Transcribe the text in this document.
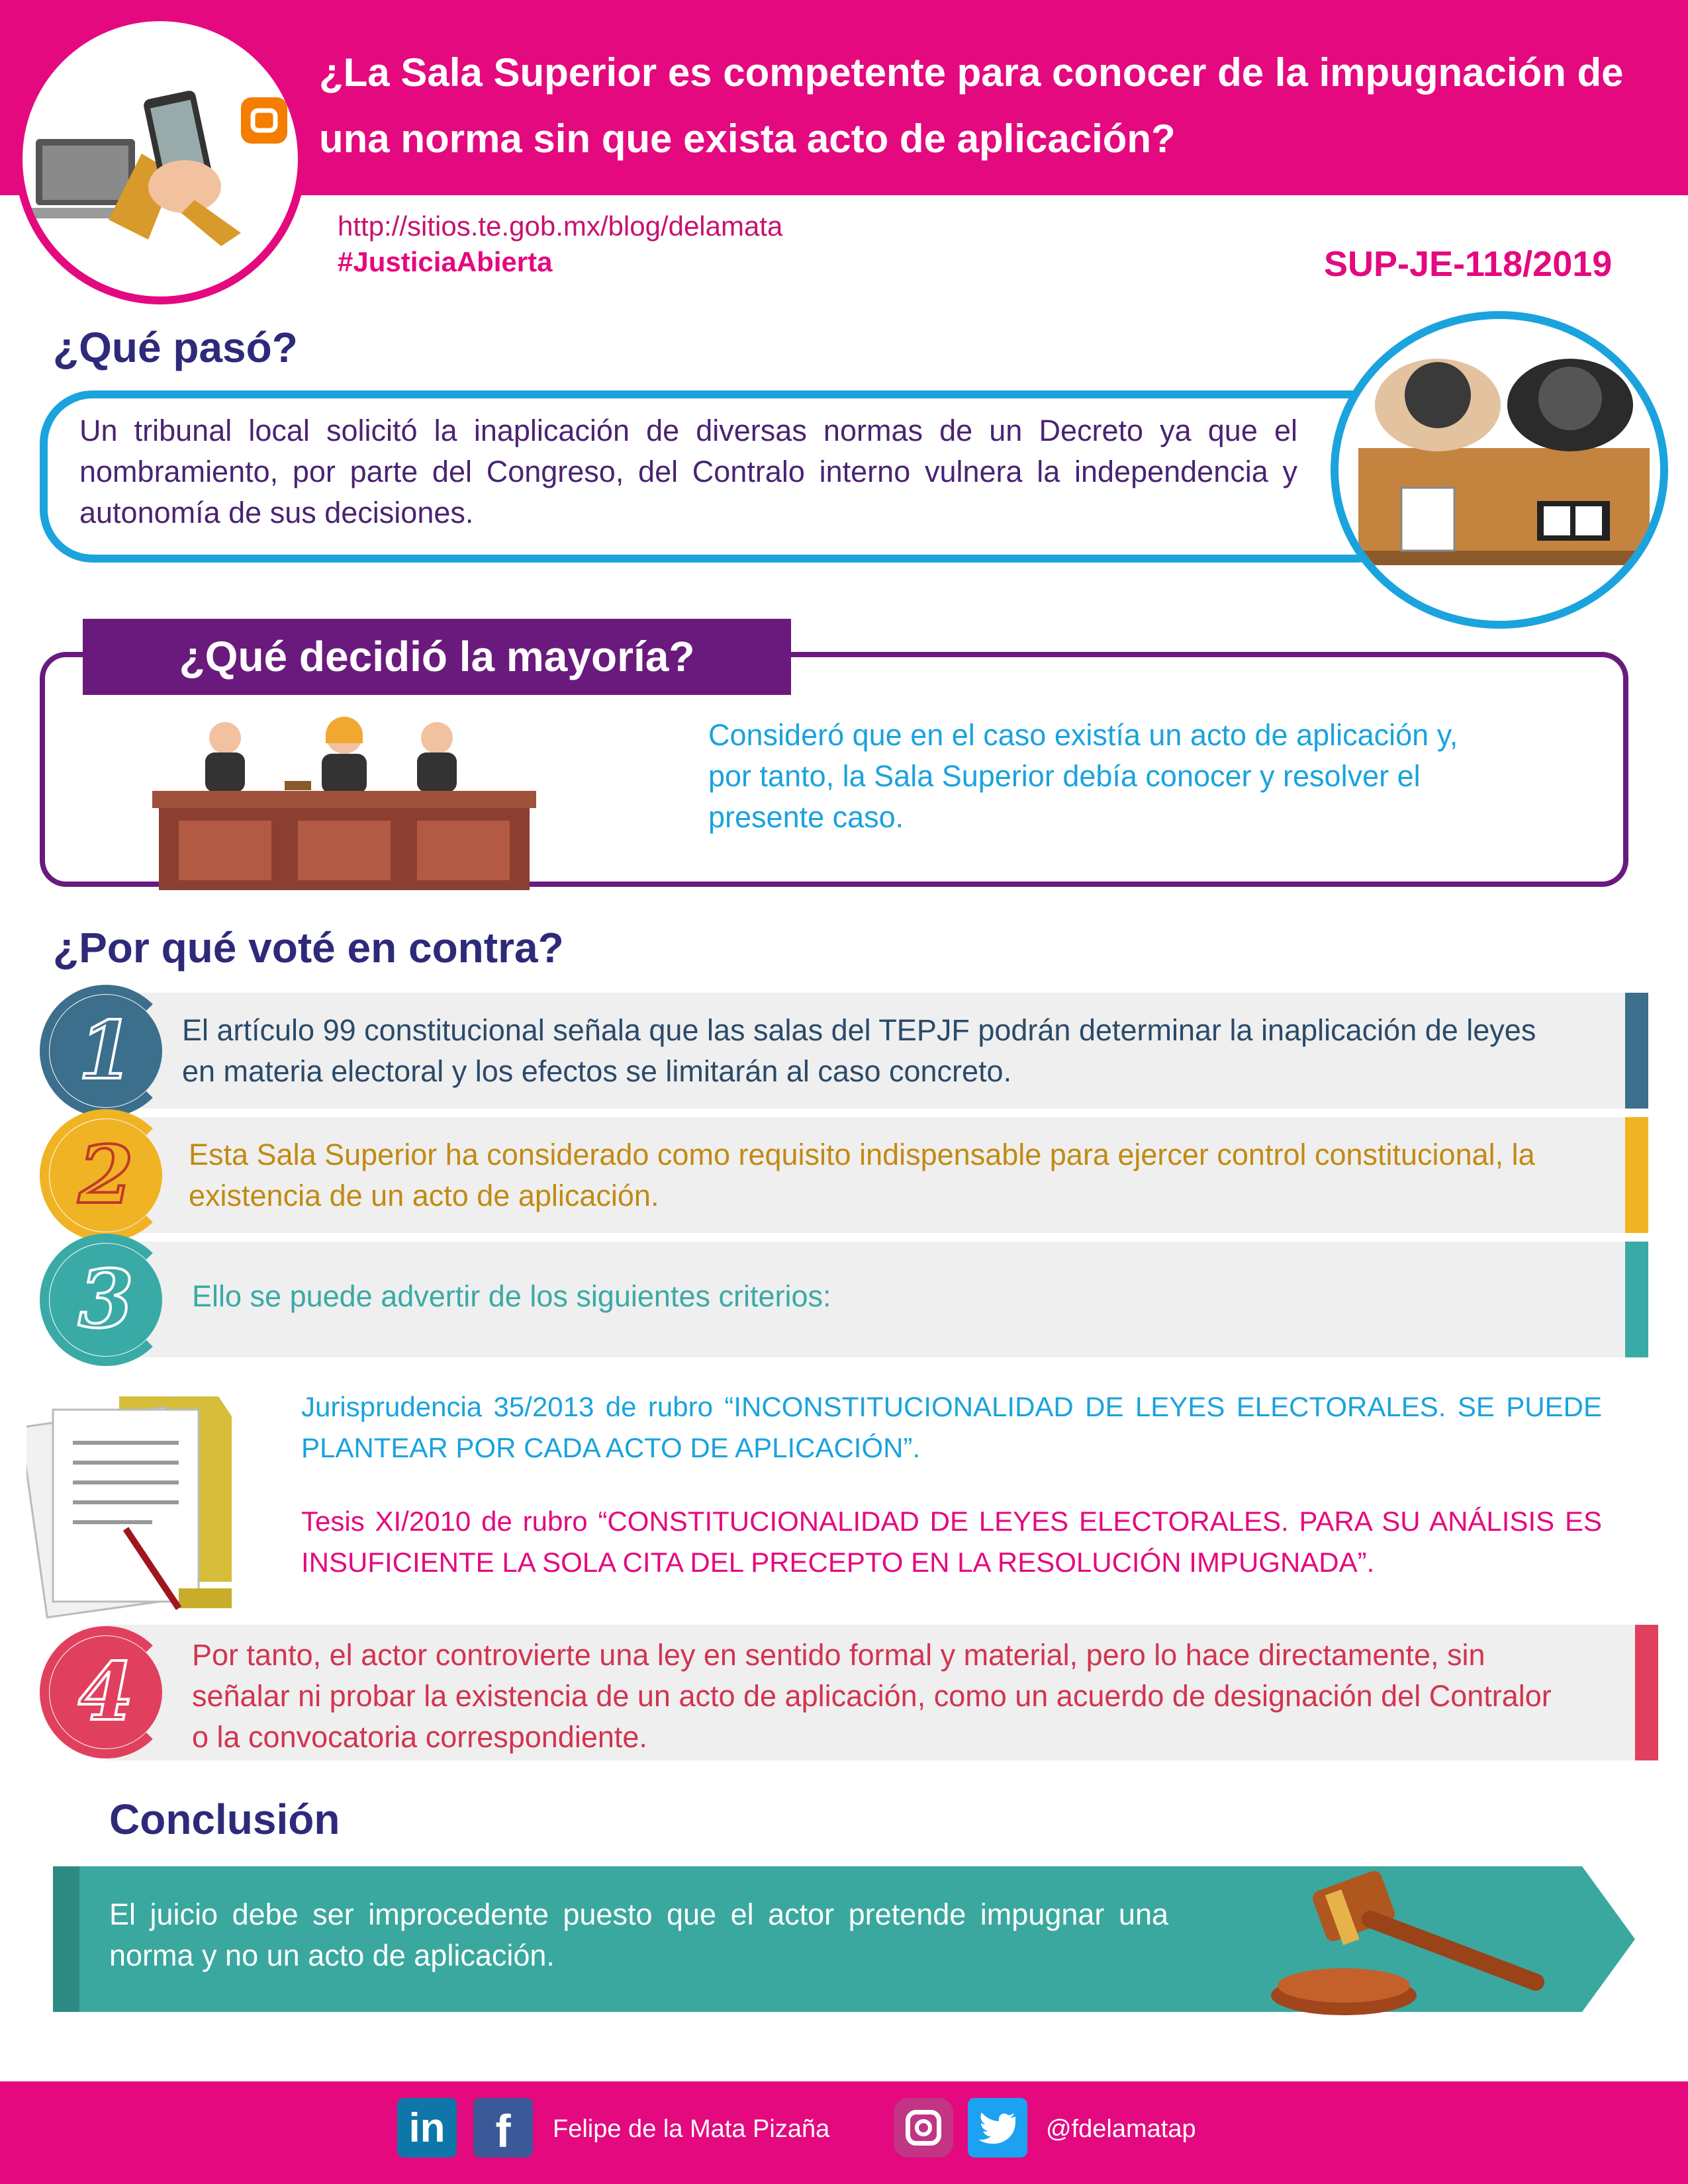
¿La Sala Superior es competente para conocer de la impugnación de una norma sin que exista acto de aplicación?
http://sitios.te.gob.mx/blog/delamata
#JusticiaAbierta	SUP-JE-118/2019
¿Qué pasó?
Un tribunal local solicitó la inaplicación de diversas normas de un Decreto ya que el nombramiento, por parte del Congreso, del Contralo interno vulnera la independencia y autonomía de sus decisiones.
¿Qué decidió la mayoría?
Consideró que en el caso existía un acto de aplicación y, por tanto, la Sala Superior debía conocer y resolver el presente caso.
¿Por qué voté en contra?
1	El artículo 99 constitucional señala que las salas del TEPJF podrán determinar la inaplicación de leyes en materia electoral y los efectos se limitarán al caso concreto.
2	Esta Sala Superior ha considerado como requisito indispensable para ejercer control constitucional, la existencia de un acto de aplicación.
3	Ello se puede advertir de los siguientes criterios:
Jurisprudencia 35/2013 de rubro “INCONSTITUCIONALIDAD DE LEYES ELECTORALES. SE PUEDE PLANTEAR POR CADA ACTO DE APLICACIÓN”.
Tesis XI/2010 de rubro “CONSTITUCIONALIDAD DE LEYES ELECTORALES. PARA SU ANÁLISIS ES INSUFICIENTE LA SOLA CITA DEL PRECEPTO EN LA RESOLUCIÓN IMPUGNADA”.
4	Por tanto, el actor controvierte una ley en sentido formal y material, pero lo hace directamente, sin señalar ni probar la existencia de un acto de aplicación, como un acuerdo de designación del Contralor o la convocatoria correspondiente.
Conclusión
El juicio debe ser improcedente puesto que el actor pretende impugnar una norma y no un acto de aplicación.
in	f	Felipe de la Mata Pizaña	@fdelamatap
